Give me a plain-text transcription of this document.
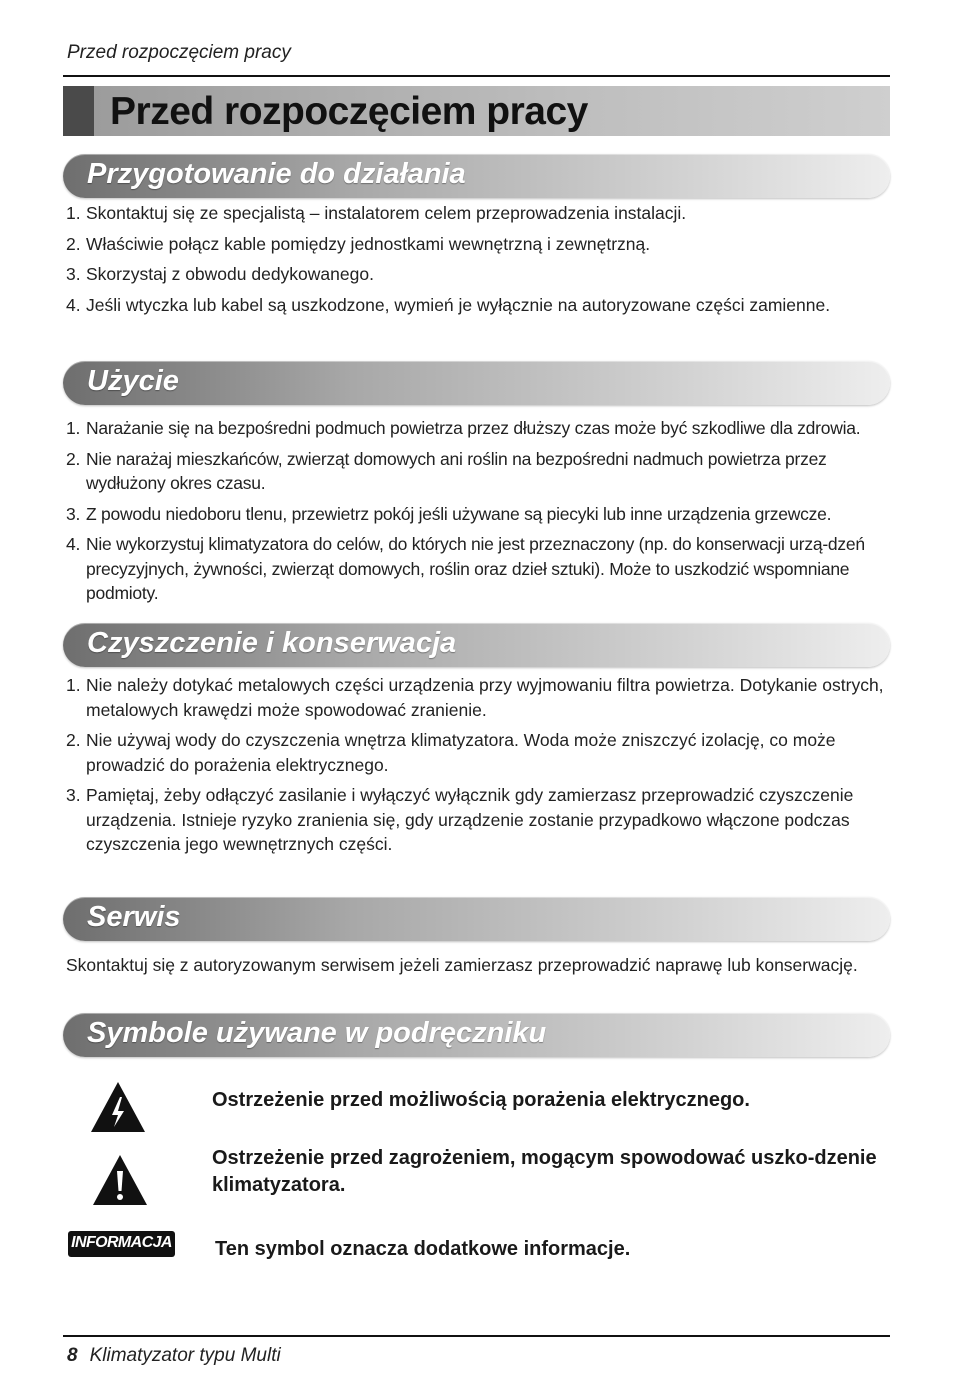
Przed rozpoczęciem pracy
Przed rozpoczęciem pracy
Przygotowanie do działania
1. Skontaktuj się ze specjalistą – instalatorem celem przeprowadzenia instalacji.
2. Właściwie połącz kable pomiędzy jednostkami wewnętrzną i zewnętrzną.
3. Skorzystaj z obwodu dedykowanego.
4. Jeśli wtyczka lub kabel są uszkodzone, wymień je wyłącznie na autoryzowane części zamienne.
Użycie
1. Narażanie się na bezpośredni podmuch powietrza przez dłuższy czas może być szkodliwe dla zdrowia.
2. Nie narażaj mieszkańców, zwierząt domowych ani roślin na bezpośredni nadmuch powietrza przez wydłużony okres czasu.
3. Z powodu niedoboru tlenu, przewietrz pokój jeśli używane są piecyki lub inne urządzenia grzewcze.
4. Nie wykorzystuj klimatyzatora do celów, do których nie jest przeznaczony (np. do konserwacji urzą-dzeń precyzyjnych, żywności, zwierząt domowych, roślin oraz dzieł sztuki). Może to uszkodzić wspomniane podmioty.
Czyszczenie i konserwacja
1. Nie należy dotykać metalowych części urządzenia przy wyjmowaniu filtra powietrza. Dotykanie ostrych, metalowych krawędzi może spowodować zranienie.
2. Nie używaj wody do czyszczenia wnętrza klimatyzatora. Woda może zniszczyć izolację, co może prowadzić do porażenia elektrycznego.
3. Pamiętaj, żeby odłączyć zasilanie i wyłączyć wyłącznik gdy zamierzasz przeprowadzić czyszczenie urządzenia. Istnieje ryzyko zranienia się, gdy urządzenie zostanie przypadkowo włączone podczas czyszczenia jego wewnętrznych części.
Serwis
Skontaktuj się z autoryzowanym serwisem jeżeli zamierzasz przeprowadzić naprawę lub konserwację.
Symbole używane w podręczniku
Ostrzeżenie przed możliwością porażenia elektrycznego.
Ostrzeżenie przed zagrożeniem, mogącym spowodować uszko-dzenie klimatyzatora.
INFORMACJA Ten symbol oznacza dodatkowe informacje.
8 Klimatyzator typu Multi
